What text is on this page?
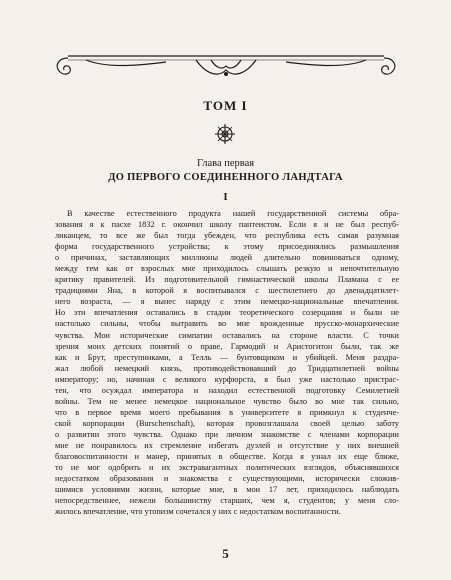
ТОМ I
Глава первая
ДО ПЕРВОГО СОЕДИНЕННОГО ЛАНДТАГА
I
В качестве естественного продукта нашей государственной системы обра-
зования я к пасхе 1832 г. окончил школу пантеистом. Если я и не был респуб-
ликанцем, то все же был тогда убежден, что республика есть самая разумная
форма государственного устройства; к этому присоединялись размышления
о причинах, заставляющих миллионы людей длительно повиноваться одному,
между тем как от взрослых мне приходилось слышать резкую и непочтительную
критику правителей. Из подготовительной гимнастической школы Пламана с ее
традициями Яна, в которой я воспитывался с шестилетнего до двенадцатилет-
него возраста, — я вынес наряду с этим немецко-национальные впечатления.
Но эти впечатления оставались в стадии теоретического созерцания и были не
настолько сильны, чтобы вытравить во мне врожденные прусско-монархические
чувства. Мои исторические симпатии оставались на стороне власти. С точки
зрения моих детских понятий о праве, Гармодий и Аристогитон были, так же
как и Брут, преступниками, а Телль — бунтовщиком и убийцей. Меня раздра-
жал любой немецкий князь, противодействовавший до Тридцатилетней войны
императору; но, начиная с великого курфюрста, я был уже настолько пристрас-
тен, что осуждал императора и находил естественной подготовку Семилетней
войны. Тем не менее немецкое национальное чувство было во мне так сильно,
что в первое время моего пребывания в университете я примкнул к студенче-
ской корпорации (Burschenschaft), которая провозглашала своей целью заботу
о развитии этого чувства. Однако при личном знакомстве с членами корпорации
мне не понравилось их стремление избегать дуэлей и отсутствие у них внешней
благовоспитанности и манер, принятых в обществе. Когда я узнал их еще ближе,
то не мог одобрить и их экстравагантных политических взглядов, объяснявшихся
недостатком образования и знакомства с существующими, исторически сложив-
шимися условиями жизни, которые мне, в мои 17 лет, приходилось наблюдать
непосредственнее, нежели большинству старших, чем я, студентов; у меня сло-
жилось впечатление, что утопизм сочетался у них с недостатком воспитанности.
5
